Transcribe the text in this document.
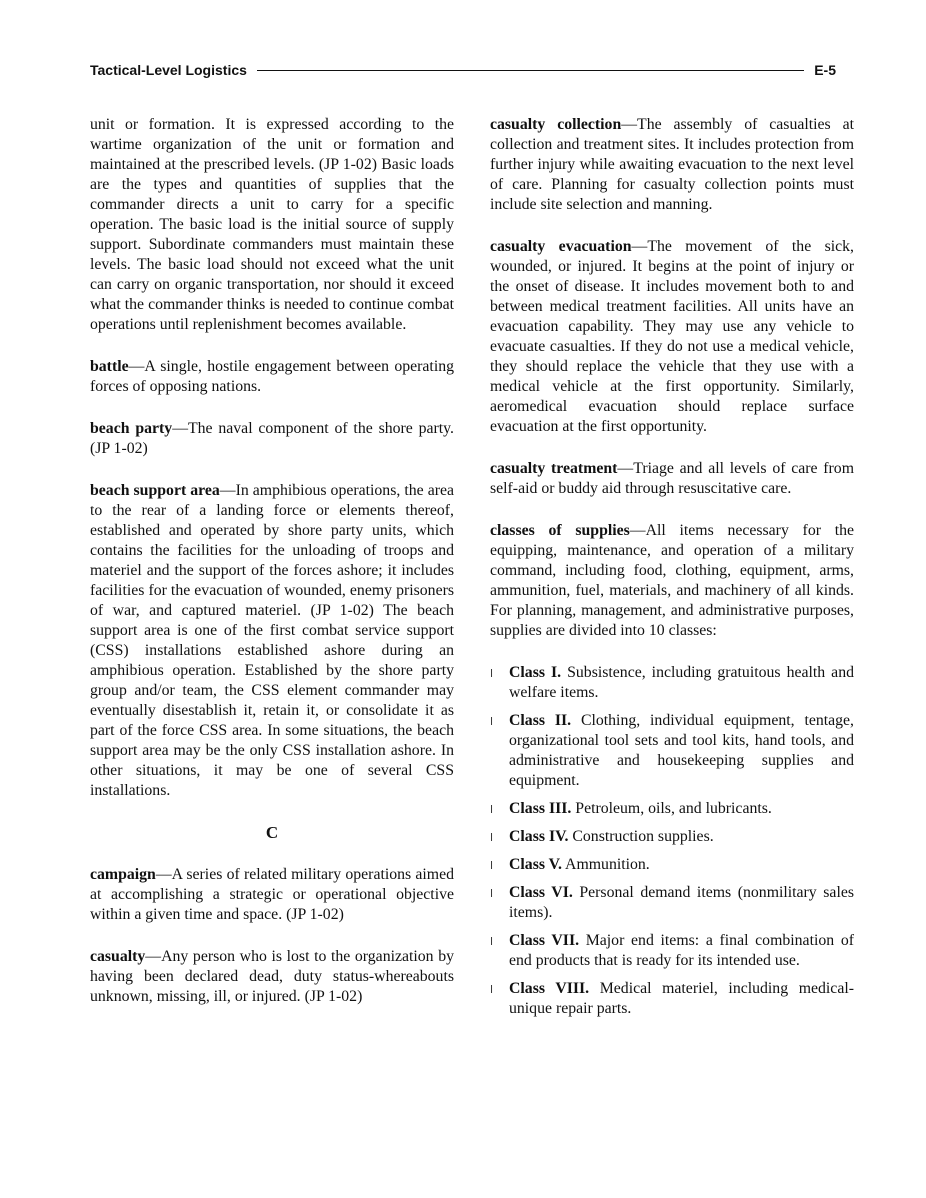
Tactical-Level Logistics	E-5

unit or formation. It is expressed according to the wartime organization of the unit or formation and maintained at the prescribed levels. (JP 1-02) Basic loads are the types and quantities of supplies that the commander directs a unit to carry for a specific operation. The basic load is the initial source of supply support. Subordinate commanders must maintain these levels. The basic load should not exceed what the unit can carry on organic transportation, nor should it exceed what the commander thinks is needed to continue combat operations until replenishment becomes available.

battle—A single, hostile engagement between operating forces of opposing nations.

beach party—The naval component of the shore party. (JP 1-02)

beach support area—In amphibious operations, the area to the rear of a landing force or elements thereof, established and operated by shore party units, which contains the facilities for the unloading of troops and materiel and the support of the forces ashore; it includes facilities for the evacuation of wounded, enemy prisoners of war, and captured materiel. (JP 1-02) The beach support area is one of the first combat service support (CSS) installations established ashore during an amphibious operation. Established by the shore party group and/or team, the CSS element commander may eventually disestablish it, retain it, or consolidate it as part of the force CSS area. In some situations, the beach support area may be the only CSS installation ashore. In other situations, it may be one of several CSS installations.

C

campaign—A series of related military operations aimed at accomplishing a strategic or operational objective within a given time and space. (JP 1-02)

casualty—Any person who is lost to the organization by having been declared dead, duty status-whereabouts unknown, missing, ill, or injured. (JP 1-02)

casualty collection—The assembly of casualties at collection and treatment sites. It includes protection from further injury while awaiting evacuation to the next level of care. Planning for casualty collection points must include site selection and manning.

casualty evacuation—The movement of the sick, wounded, or injured. It begins at the point of injury or the onset of disease. It includes movement both to and between medical treatment facilities. All units have an evacuation capability. They may use any vehicle to evacuate casualties. If they do not use a medical vehicle, they should replace the vehicle that they use with a medical vehicle at the first opportunity. Similarly, aeromedical evacuation should replace surface evacuation at the first opportunity.

casualty treatment—Triage and all levels of care from self-aid or buddy aid through resuscitative care.

classes of supplies—All items necessary for the equipping, maintenance, and operation of a military command, including food, clothing, equipment, arms, ammunition, fuel, materials, and machinery of all kinds. For planning, management, and administrative purposes, supplies are divided into 10 classes:

l Class I. Subsistence, including gratuitous health and welfare items.
l Class II. Clothing, individual equipment, tentage, organizational tool sets and tool kits, hand tools, and administrative and housekeeping supplies and equipment.
l Class III. Petroleum, oils, and lubricants.
l Class IV. Construction supplies.
l Class V. Ammunition.
l Class VI. Personal demand items (nonmilitary sales items).
l Class VII. Major end items: a final combination of end products that is ready for its intended use.
l Class VIII. Medical materiel, including medical-unique repair parts.
